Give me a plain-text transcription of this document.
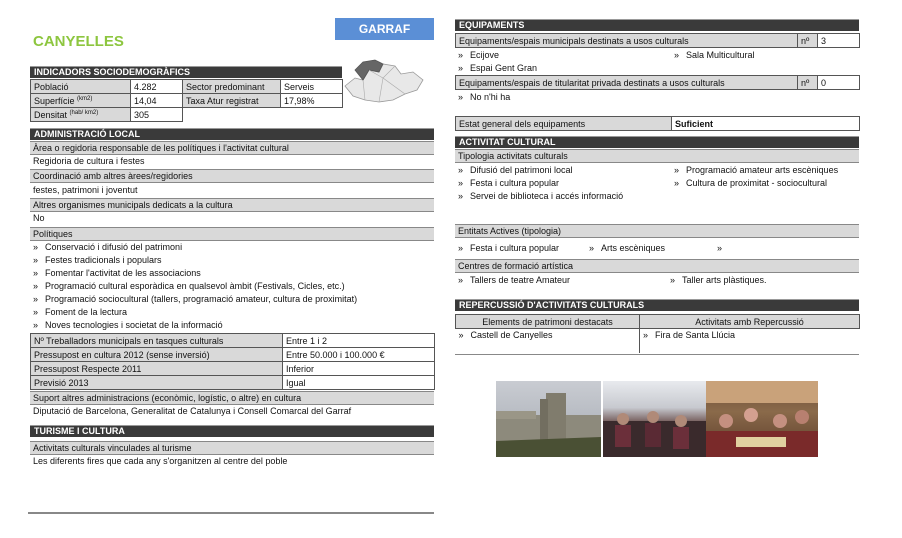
CANYELLES
GARRAF
INDICADORS SOCIODEMOGRÀFICS
Població	4.282	Sector predominant	Serveis
Superfície $^{(km2)}$	14,04	Taxa Atur registrat	17,98%
Densitat $^{(hab/ km2)}$	305		
ADMINISTRACIÓ LOCAL
Àrea o regidoria responsable de les polítiques i l'activitat cultural
Regidoria de cultura i festes
Coordinació amb altres àrees/regidories
festes, patrimoni i joventut
Altres organismes municipals dedicats a la cultura
No
Polítiques
» Conservació i difusió del patrimoni
» Festes tradicionals i populars
» Fomentar l'activitat de les associacions
» Programació cultural esporàdica en qualsevol àmbit (Festivals, Cicles, etc.)
» Programació sociocultural (tallers, programació amateur, cultura de proximitat)
» Foment de la lectura
» Noves tecnologies i societat de la informació
Nº Treballadors municipals en tasques culturals	Entre 1 i 2
Pressupost en cultura 2012 (sense inversió)	Entre 50.000 i 100.000 €
Pressupost Respecte 2011	Inferior
Previsió 2013	Igual
Suport altres administracions (econòmic, logístic, o altre) en cultura
Diputació de Barcelona, Generalitat de Catalunya i Consell Comarcal del Garraf
TURISME I CULTURA
Activitats culturals vinculades al turisme
Les diferents fires que cada any s'organitzen al centre del poble
EQUIPAMENTS
Equipaments/espais municipals destinats a usos culturals	nº	3
» Ecijove	» Sala Multicultural
» Espai Gent Gran
Equipaments/espais de titularitat privada destinats a usos culturals	nº	0
» No n'hi ha
Estat general dels equipaments	Suficient
ACTIVITAT CULTURAL
Tipologia activitats culturals
» Difusió del patrimoni local
» Festa i cultura popular
» Servei de biblioteca i accés informació
» Programació amateur arts escèniques
» Cultura de proximitat - sociocultural
Entitats Actives (tipologia)
» Festa i cultura popular	» Arts escèniques
»
Centres de formació artística
» Tallers de teatre Amateur	» Taller arts plàstiques.
REPERCUSSIÓ D'ACTIVITATS CULTURALS
Elements de patrimoni destacats	Activitats amb Repercussió

» Castell de Canyelles	» Fira de Santa Llúcia
